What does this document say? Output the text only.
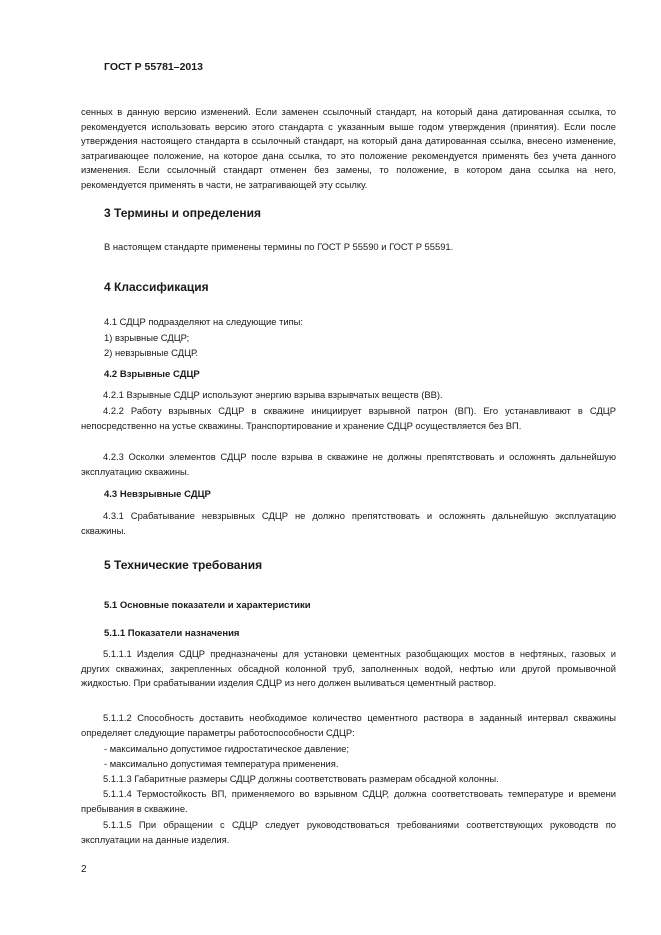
ГОСТ Р 55781–2013
сенных в данную версию изменений. Если заменен ссылочный стандарт, на который дана датированная ссылка, то рекомендуется использовать версию этого стандарта с указанным выше годом утверждения (принятия). Если после утверждения настоящего стандарта в ссылочный стандарт, на который дана датированная ссылка, внесено изменение, затрагивающее положение, на которое дана ссылка, то это положение рекомендуется применять без учета данного изменения. Если ссылочный стандарт отменен без замены, то положение, в котором дана ссылка на него, рекомендуется применять в части, не затрагивающей эту ссылку.
3 Термины и определения
В настоящем стандарте применены термины по ГОСТ Р 55590 и ГОСТ Р 55591.
4 Классификация
4.1 СДЦР подразделяют на следующие типы:
1) взрывные СДЦР;
2) невзрывные СДЦР.
4.2 Взрывные СДЦР
4.2.1 Взрывные СДЦР используют энергию взрыва взрывчатых веществ (ВВ).
4.2.2 Работу взрывных СДЦР в скважине инициирует взрывной патрон (ВП). Его устанавливают в СДЦР непосредственно на устье скважины. Транспортирование и хранение СДЦР осуществляется без ВП.
4.2.3 Осколки элементов СДЦР после взрыва в скважине не должны препятствовать и осложнять дальнейшую эксплуатацию скважины.
4.3 Невзрывные СДЦР
4.3.1 Срабатывание невзрывных СДЦР не должно препятствовать и осложнять дальнейшую эксплуатацию скважины.
5 Технические требования
5.1 Основные показатели и характеристики
5.1.1 Показатели назначения
5.1.1.1 Изделия СДЦР предназначены для установки цементных разобщающих мостов в нефтяных, газовых и других скважинах, закрепленных обсадной колонной труб, заполненных водой, нефтью или другой промывочной жидкостью. При срабатывании изделия СДЦР из него должен выливаться цементный раствор.
5.1.1.2 Способность доставить необходимое количество цементного раствора в заданный интервал скважины определяет следующие параметры работоспособности СДЦР:
- максимально допустимое гидростатическое давление;
- максимально допустимая температура применения.
5.1.1.3 Габаритные размеры СДЦР должны соответствовать размерам обсадной колонны.
5.1.1.4 Термостойкость ВП, применяемого во взрывном СДЦР, должна соответствовать температуре и времени пребывания в скважине.
5.1.1.5 При обращении с СДЦР следует руководствоваться требованиями соответствующих руководств по эксплуатации на данные изделия.
2
